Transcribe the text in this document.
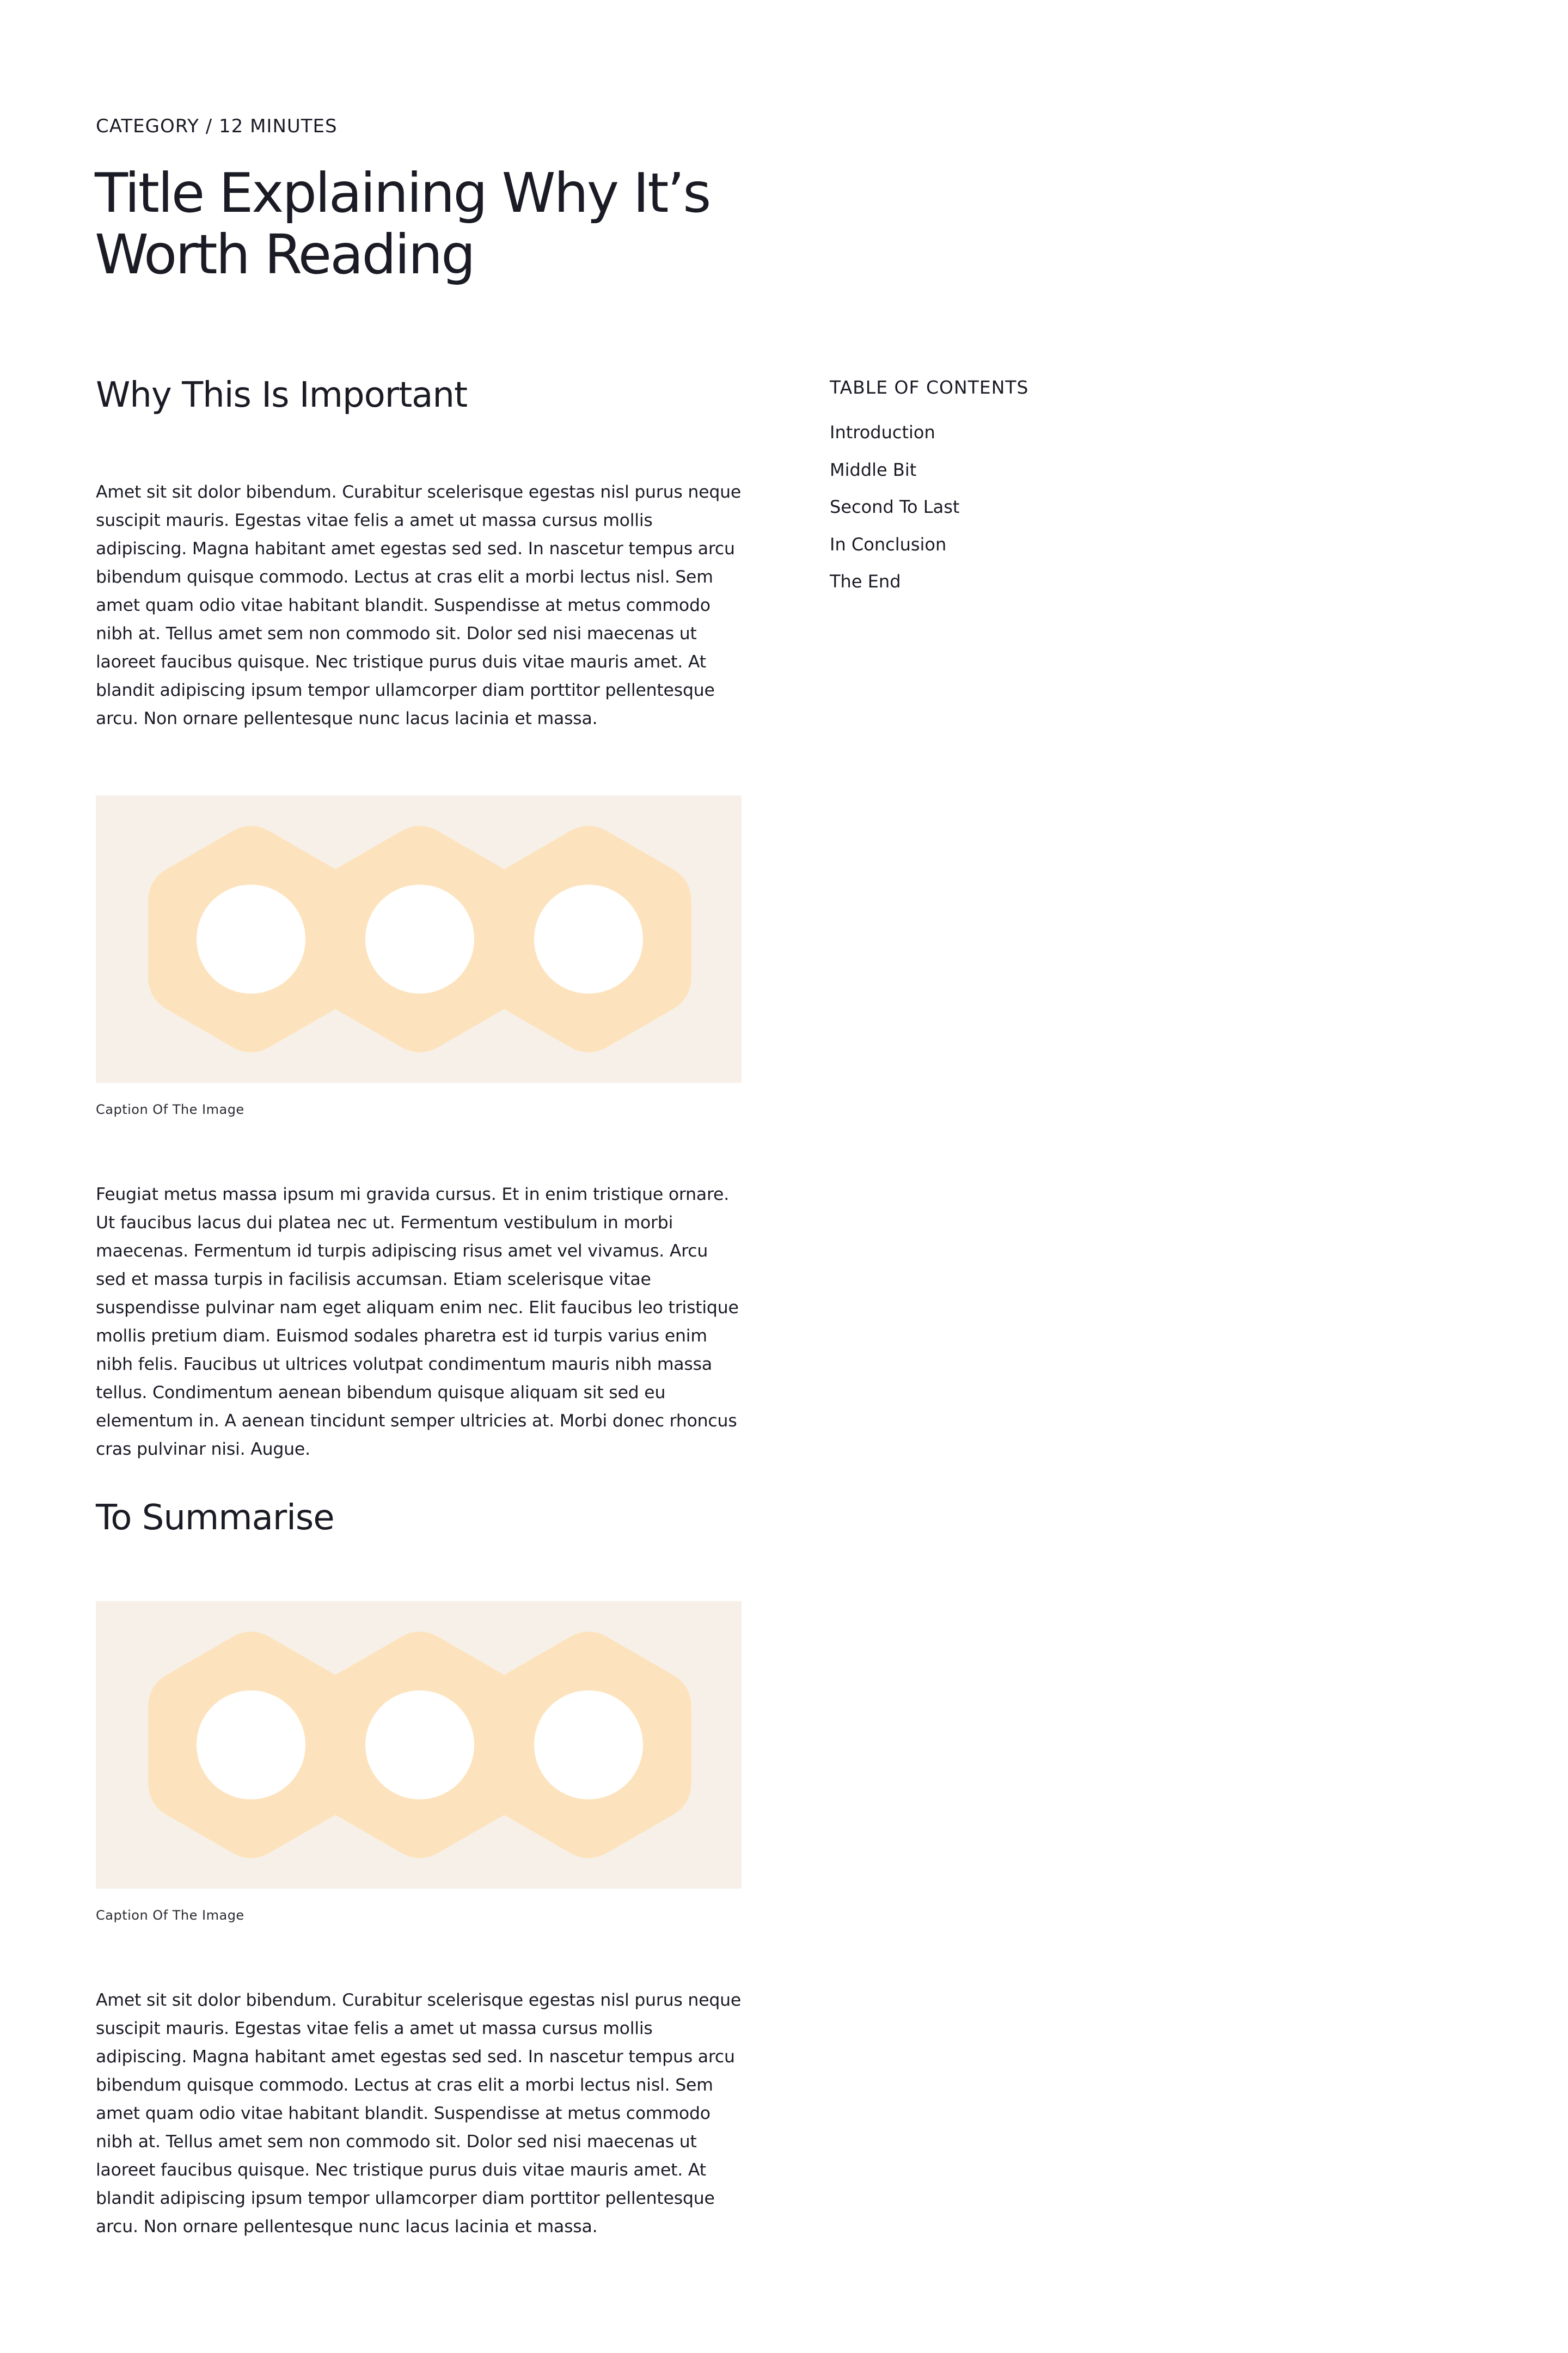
CATEGORY / 12 MINUTES

Title Explaining Why It’s Worth Reading
Why This Is Important

Amet sit sit dolor bibendum. Curabitur scelerisque egestas nisl purus neque suscipit mauris. Egestas vitae felis a amet ut massa cursus mollis adipiscing. Magna habitant amet egestas sed sed. In nascetur tempus arcu bibendum quisque commodo. Lectus at cras elit a morbi lectus nisl. Sem amet quam odio vitae habitant blandit. Suspendisse at metus commodo nibh at. Tellus amet sem non commodo sit. Dolor sed nisi maecenas ut laoreet faucibus quisque. Nec tristique purus duis vitae mauris amet. At blandit adipiscing ipsum tempor ullamcorper diam porttitor pellentesque arcu. Non ornare pellentesque nunc lacus lacinia et massa.

Caption Of The Image

Feugiat metus massa ipsum mi gravida cursus. Et in enim tristique ornare. Ut faucibus lacus dui platea nec ut. Fermentum vestibulum in morbi maecenas. Fermentum id turpis adipiscing risus amet vel vivamus. Arcu sed et massa turpis in facilisis accumsan. Etiam scelerisque vitae suspendisse pulvinar nam eget aliquam enim nec. Elit faucibus leo tristique mollis pretium diam. Euismod sodales pharetra est id turpis varius enim nibh felis. Faucibus ut ultrices volutpat condimentum mauris nibh massa tellus. Condimentum aenean bibendum quisque aliquam sit sed eu elementum in. A aenean tincidunt semper ultricies at. Morbi donec rhoncus cras pulvinar nisi. Augue.

To Summarise
Caption Of The Image

Amet sit sit dolor bibendum. Curabitur scelerisque egestas nisl purus neque suscipit mauris. Egestas vitae felis a amet ut massa cursus mollis adipiscing. Magna habitant amet egestas sed sed. In nascetur tempus arcu bibendum quisque commodo. Lectus at cras elit a morbi lectus nisl. Sem amet quam odio vitae habitant blandit. Suspendisse at metus commodo nibh at. Tellus amet sem non commodo sit. Dolor sed nisi maecenas ut laoreet faucibus quisque. Nec tristique purus duis vitae mauris amet. At blandit adipiscing ipsum tempor ullamcorper diam porttitor pellentesque arcu. Non ornare pellentesque nunc lacus lacinia et massa.

TABLE OF CONTENTS

Introduction
Middle Bit
Second To Last
In Conclusion
The End
